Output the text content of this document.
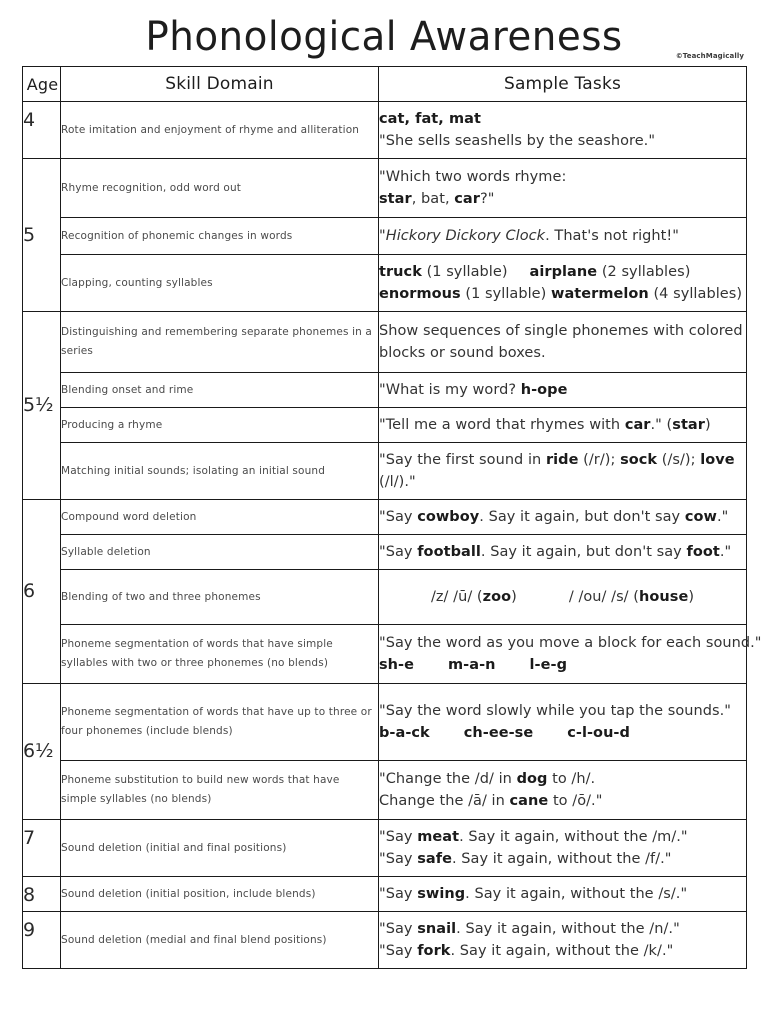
Phonological Awareness	©TeachMagically
Age	Skill Domain	Sample Tasks
4	Rote imitation and enjoyment of rhyme and alliteration	cat, fat, mat
"She sells seashells by the seashore."

5	Rhyme recognition, odd word out	"Which two words rhyme:
star, bat, car?"

	Recognition of phonemic changes in words	"Hickory Dickory Clock. That's not right!"

	Clapping, counting syllables	truck (1 syllable) airplane (2 syllables)
enormous (1 syllable) watermelon (4 syllables)

5½	Distinguishing and remembering separate phonemes in a series	Show sequences of single phonemes with colored
blocks or sound boxes.

	Blending onset and rime	"What is my word? h-ope

	Producing a rhyme	"Tell me a word that rhymes with car." (star)

	Matching initial sounds; isolating an initial sound	"Say the first sound in ride (/r/); sock (/s/); love
(/l/)."

6	Compound word deletion	"Say cowboy. Say it again, but don't say cow."

	Syllable deletion	"Say football. Say it again, but don't say foot."

	Blending of two and three phonemes	/z/ /ū/ (zoo) / /ou/ /s/ (house)

	Phoneme segmentation of words that have simple syllables with two or three phonemes (no blends)	"Say the word as you move a block for each sound."
sh-e m-a-n l-e-g

6½	Phoneme segmentation of words that have up to three or four phonemes (include blends)	"Say the word slowly while you tap the sounds."
b-a-ck ch-ee-se c-l-ou-d

	Phoneme substitution to build new words that have simple syllables (no blends)	"Change the /d/ in dog to /h/.
Change the /ā/ in cane to /ō/."

7	Sound deletion (initial and final positions)	"Say meat. Say it again, without the /m/."
"Say safe. Say it again, without the /f/."

8	Sound deletion (initial position, include blends)	"Say swing. Say it again, without the /s/."

9	Sound deletion (medial and final blend positions)	"Say snail. Say it again, without the /n/."
"Say fork. Say it again, without the /k/."
